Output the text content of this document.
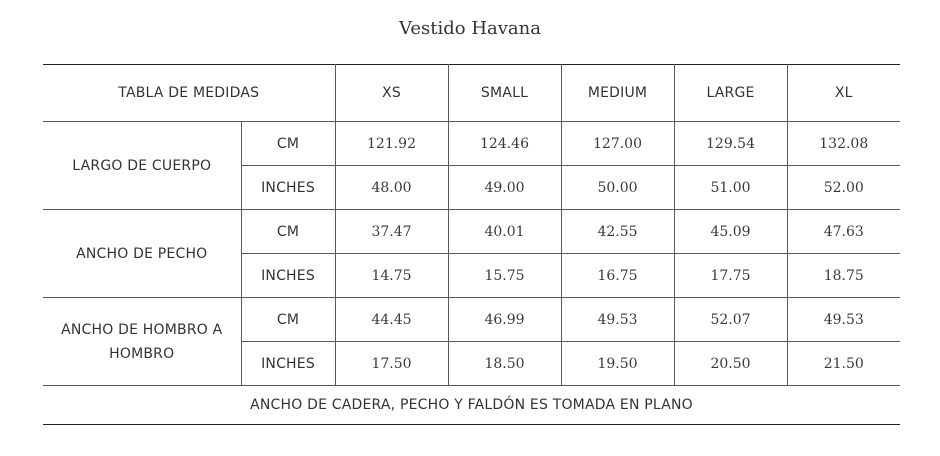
Vestido Havana
TABLA DE MEDIDAS		XS	SMALL	MEDIUM	LARGE	XL
LARGO DE CUERPO	CM	121.92	124.46	127.00	129.54	132.08
	INCHES	48.00	49.00	50.00	51.00	52.00
ANCHO DE PECHO	CM	37.47	40.01	42.55	45.09	47.63
	INCHES	14.75	15.75	16.75	17.75	18.75
ANCHO DE HOMBRO A HOMBRO	CM	44.45	46.99	49.53	52.07	49.53
	INCHES	17.50	18.50	19.50	20.50	21.50
ANCHO DE CADERA, PECHO Y FALDÓN ES TOMADA EN PLANO						
